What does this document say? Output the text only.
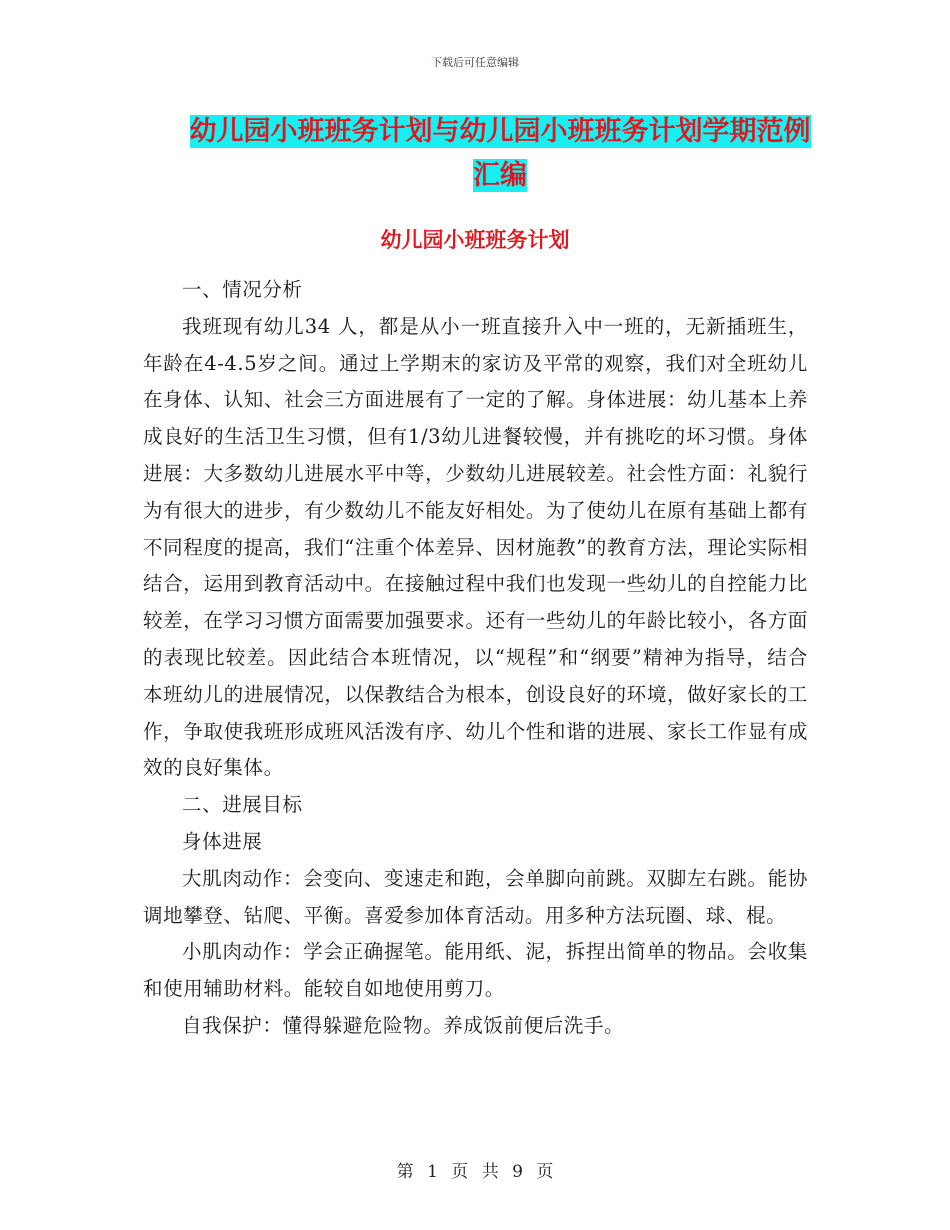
下载后可任意编辑
幼儿园小班班务计划与幼儿园小班班务计划学期范例
汇编
幼儿园小班班务计划

一、情况分析

我班现有幼儿34 人，都是从小一班直接升入中一班的，无新插班生，年龄在4-4.5岁之间。通过上学期末的家访及平常的观察，我们对全班幼儿在身体、认知、社会三方面进展有了一定的了解。身体进展：幼儿基本上养成良好的生活卫生习惯，但有1/3幼儿进餐较慢，并有挑吃的坏习惯。身体进展：大多数幼儿进展水平中等，少数幼儿进展较差。社会性方面：礼貌行为有很大的进步，有少数幼儿不能友好相处。为了使幼儿在原有基础上都有不同程度的提高，我们“注重个体差异、因材施教”的教育方法，理论实际相结合，运用到教育活动中。在接触过程中我们也发现一些幼儿的自控能力比较差，在学习习惯方面需要加强要求。还有一些幼儿的年龄比较小，各方面的表现比较差。因此结合本班情况，以“规程”和“纲要”精神为指导，结合本班幼儿的进展情况，以保教结合为根本，创设良好的环境，做好家长的工作，争取使我班形成班风活泼有序、幼儿个性和谐的进展、家长工作显有成效的良好集体。

二、进展目标

身体进展

大肌肉动作：会变向、变速走和跑，会单脚向前跳。双脚左右跳。能协调地攀登、钻爬、平衡。喜爱参加体育活动。用多种方法玩圈、球、棍。

小肌肉动作：学会正确握笔。能用纸、泥，拆捏出简单的物品。会收集和使用辅助材料。能较自如地使用剪刀。

自我保护：懂得躲避危险物。养成饭前便后洗手。

第 1 页 共 9 页
